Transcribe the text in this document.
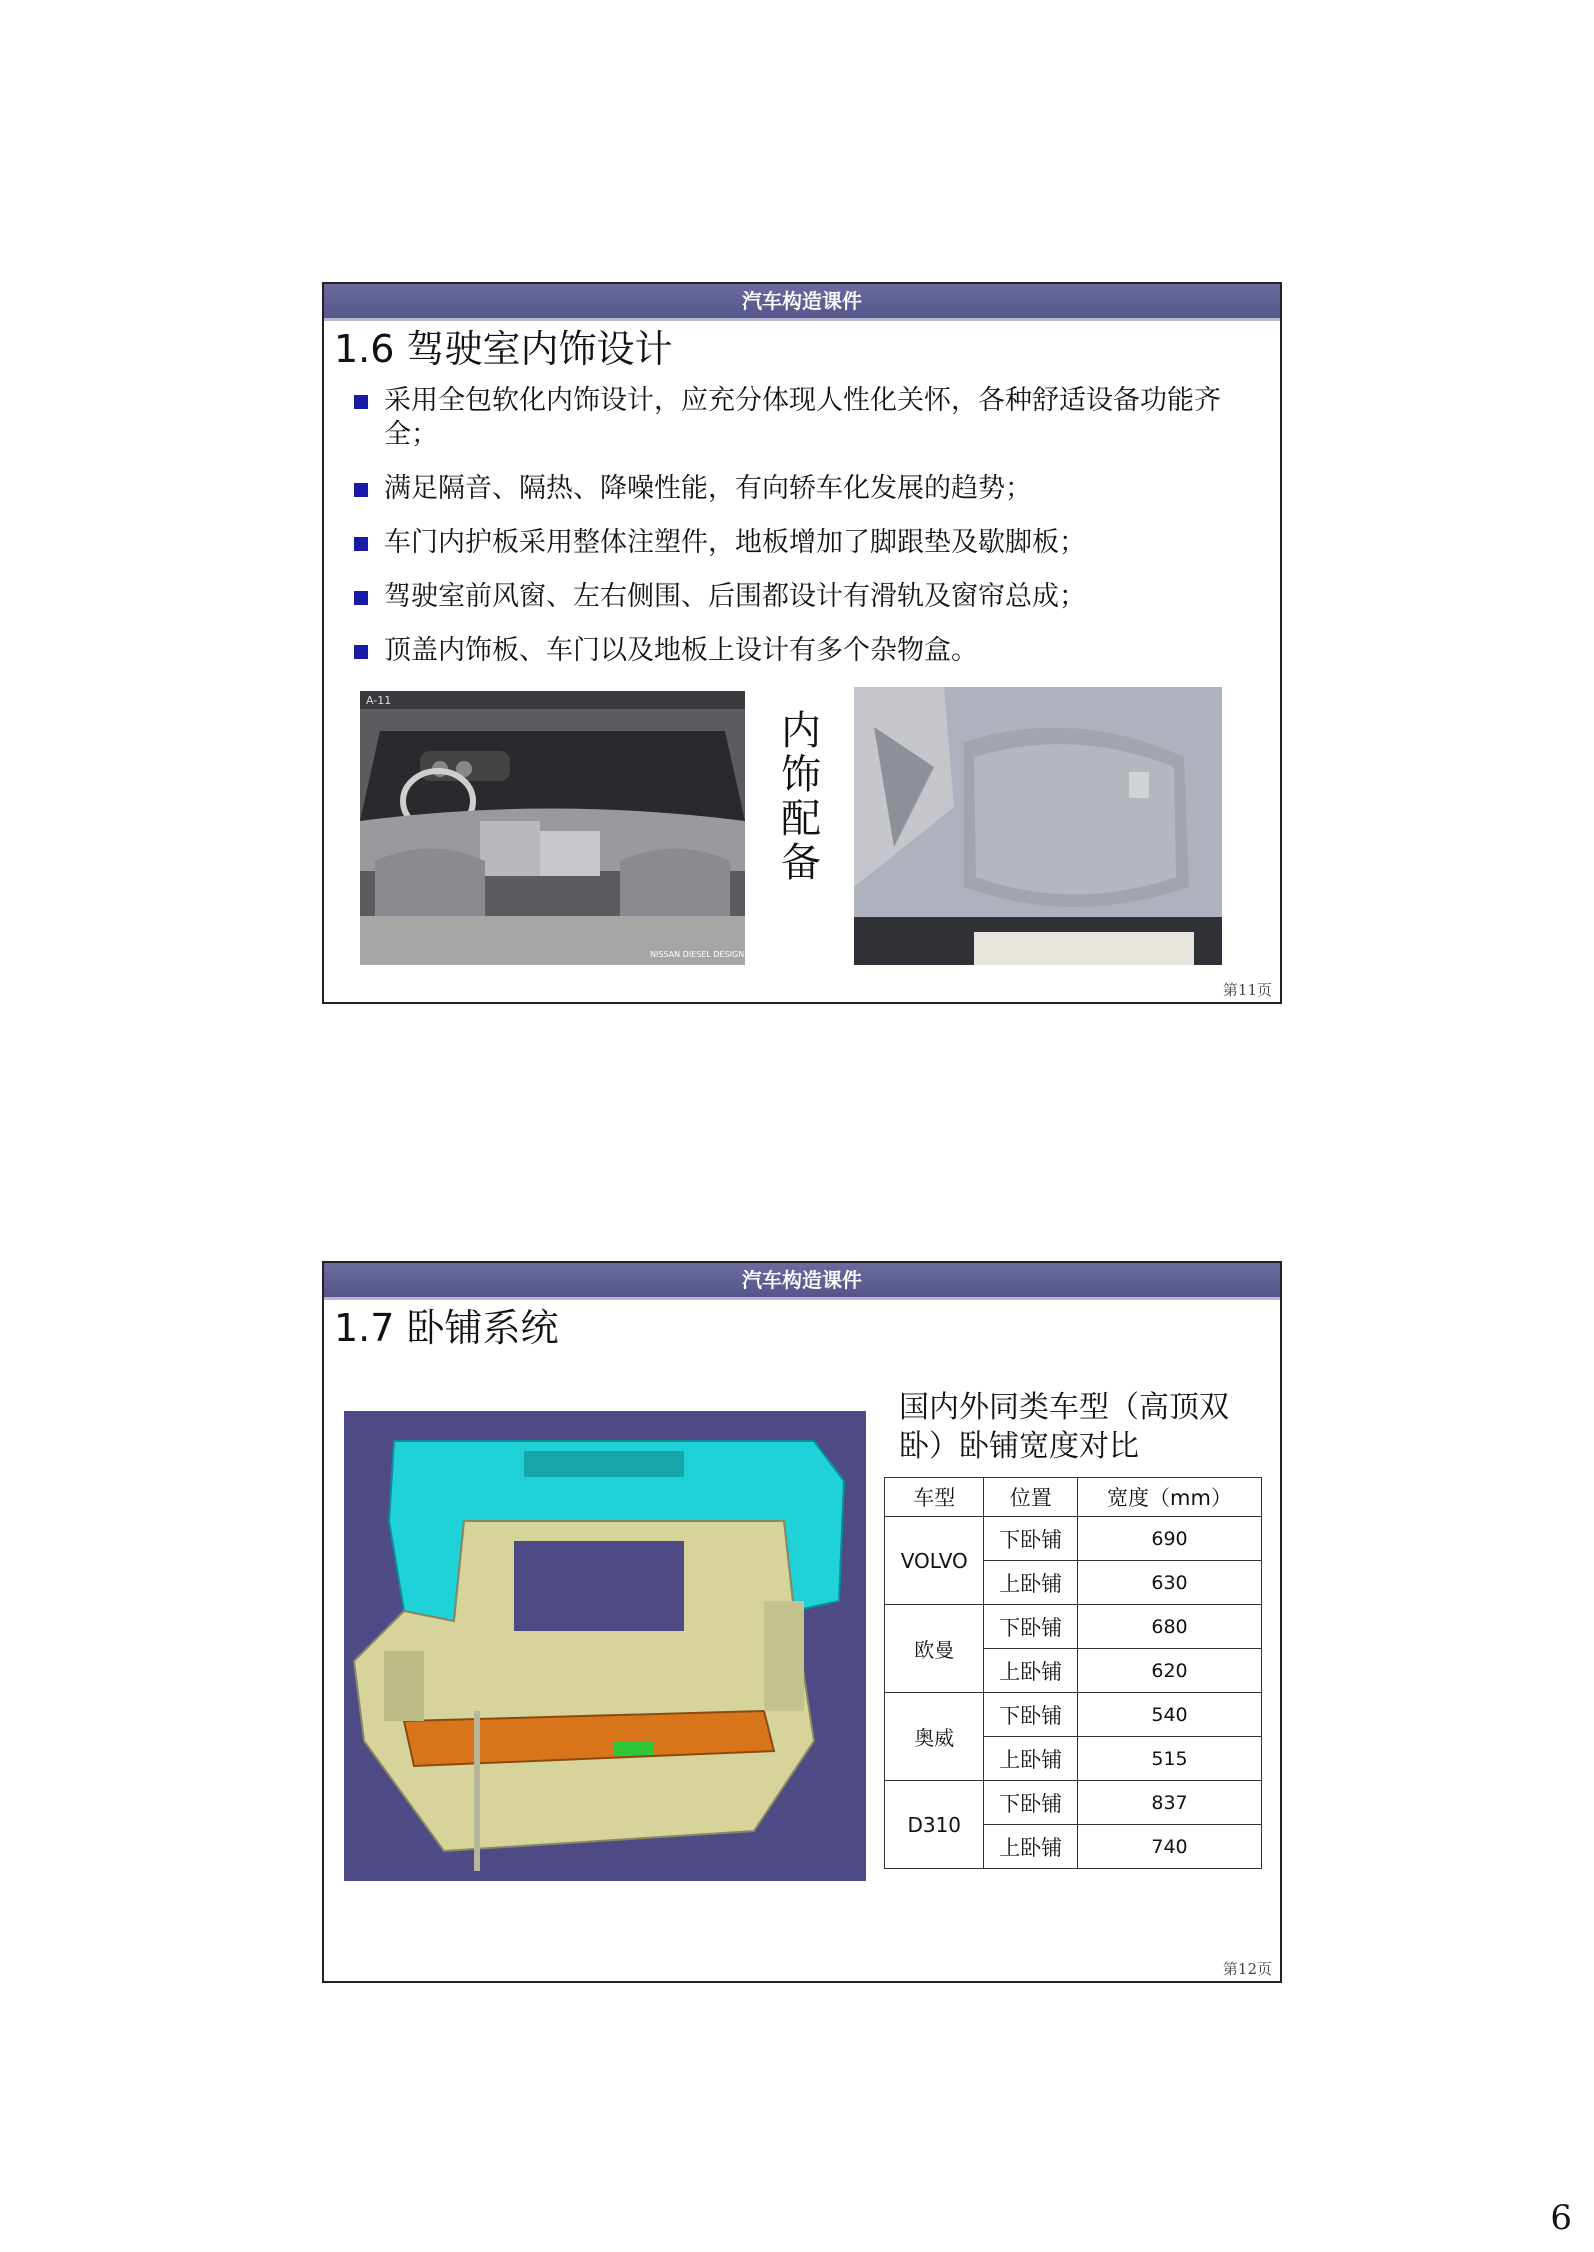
汽车构造课件
1.6 驾驶室内饰设计
采用全包软化内饰设计，应充分体现人性化关怀，各种舒适设备功能齐全；
满足隔音、隔热、降噪性能，有向轿车化发展的趋势；
车门内护板采用整体注塑件，地板增加了脚跟垫及歇脚板；
驾驶室前风窗、左右侧围、后围都设计有滑轨及窗帘总成；
顶盖内饰板、车门以及地板上设计有多个杂物盒。
A-11
NISSAN DIESEL DESIGN
内
饰
配
备
第11页
汽车构造课件
1.7 卧铺系统
国内外同类车型（高顶双卧）卧铺宽度对比
车型	位置	宽度（mm）
VOLVO	下卧铺	690
	上卧铺	630
欧曼	下卧铺	680
	上卧铺	620
奥威	下卧铺	540
	上卧铺	515
D310	下卧铺	837
	上卧铺	740
第12页
6
